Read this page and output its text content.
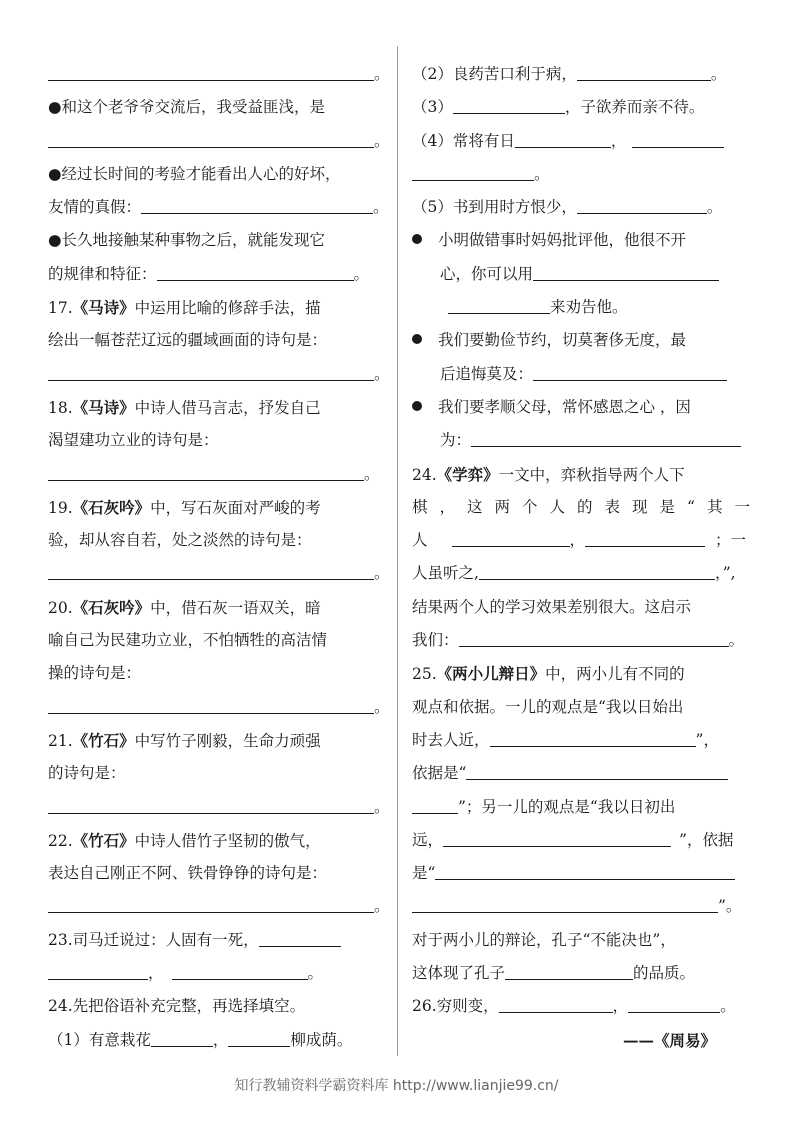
。
●和这个老爷爷交流后，我受益匪浅，是
。
●经过长时间的考验才能看出人心的好坏，
友情的真假：	。
●长久地接触某种事物之后，就能发现它
的规律和特征：	。
17.《马诗》中运用比喻的修辞手法，描
绘出一幅苍茫辽远的疆域画面的诗句是：
。
18.《马诗》中诗人借马言志，抒发自己
渴望建功立业的诗句是：
。
19.《石灰吟》中，写石灰面对严峻的考
验，却从容自若，处之淡然的诗句是：
。
20.《石灰吟》中，借石灰一语双关，暗
喻自己为民建功立业，不怕牺牲的高洁情
操的诗句是：
。
21.《竹石》中写竹子刚毅，生命力顽强
的诗句是：
。
22.《竹石》中诗人借竹子坚韧的傲气，
表达自己刚正不阿、铁骨铮铮的诗句是：
。
23.司马迁说过：人固有一死，
，	。
24.先把俗语补充完整，再选择填空。
（1）有意栽花	，	柳成荫。
（2）良药苦口利于病，	。
（3）	，子欲养而亲不待。
（4）常将有日	，
。
（5）书到用时方恨少，	。
小明做错事时妈妈批评他，他很不开
心，你可以用
来劝告他。
我们要勤俭节约，切莫奢侈无度，最
后追悔莫及：
我们要孝顺父母，常怀感恩之心 ，因
为：
24.《学弈》一文中，弈秋指导两个人下
棋，这两个人的表现是“其一
人	，	；一
人虽听之,	，”,
结果两个人的学习效果差别很大。这启示
我们：	。
25.《两小儿辩日》中，两小儿有不同的
观点和依据。一儿的观点是“我以日始出
时去人近，	”，
依据是“
”；另一儿的观点是“我以日初出
远，	”，依据
是“
”。
对于两小儿的辩论，孔子“不能决也”，
这体现了孔子	的品质。
26.穷则变，	，	。
——《周易》
知行教辅资料学霸资料库 http://www.lianjie99.cn/
